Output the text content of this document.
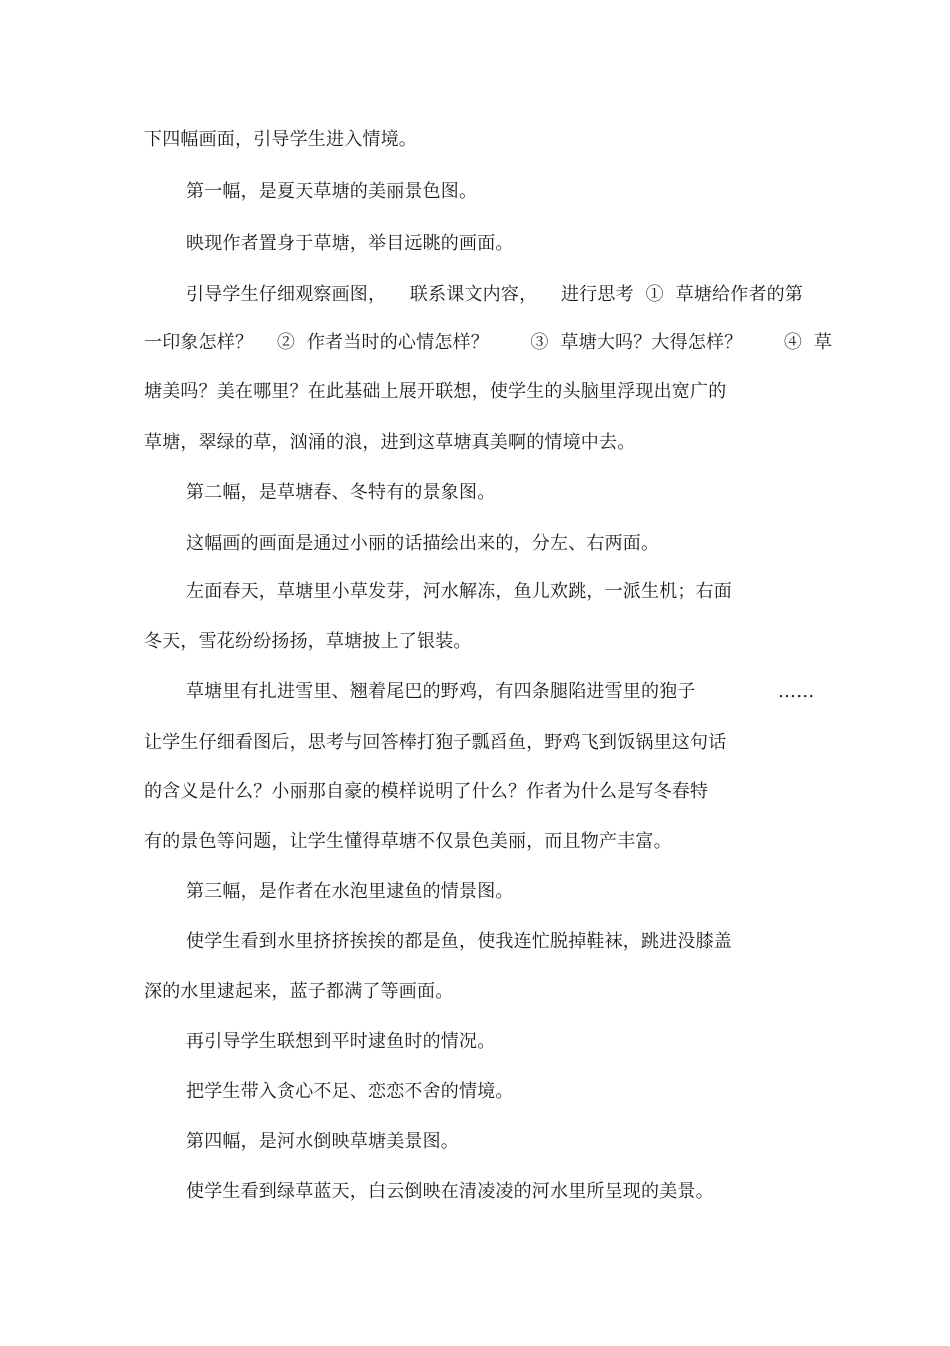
下四幅画面，引导学生进入情境。
第一幅，是夏天草塘的美丽景色图。
映现作者置身于草塘，举目远眺的画面。
引导学生仔细观察画图，    联系课文内容，    进行思考  ①  草塘给作者的第
一印象怎样？    ②  作者当时的心情怎样？       ③  草塘大吗？大得怎样？       ④  草
塘美吗？美在哪里？在此基础上展开联想，使学生的头脑里浮现出宽广的
草塘，翠绿的草，汹涌的浪，进到这草塘真美啊的情境中去。
第二幅，是草塘春、冬特有的景象图。
这幅画的画面是通过小丽的话描绘出来的，分左、右两面。
左面春天，草塘里小草发芽，河水解冻，鱼儿欢跳，一派生机；右面
冬天，雪花纷纷扬扬，草塘披上了银装。
草塘里有扎进雪里、翘着尾巴的野鸡，有四条腿陷进雪里的狍子	……
让学生仔细看图后，思考与回答棒打狍子瓢舀鱼，野鸡飞到饭锅里这句话
的含义是什么？小丽那自豪的模样说明了什么？作者为什么是写冬春特
有的景色等问题，让学生懂得草塘不仅景色美丽，而且物产丰富。
第三幅，是作者在水泡里逮鱼的情景图。
使学生看到水里挤挤挨挨的都是鱼，使我连忙脱掉鞋袜，跳进没膝盖
深的水里逮起来，蓝子都满了等画面。
再引导学生联想到平时逮鱼时的情况。
把学生带入贪心不足、恋恋不舍的情境。
第四幅，是河水倒映草塘美景图。
使学生看到绿草蓝天，白云倒映在清凌凌的河水里所呈现的美景。
